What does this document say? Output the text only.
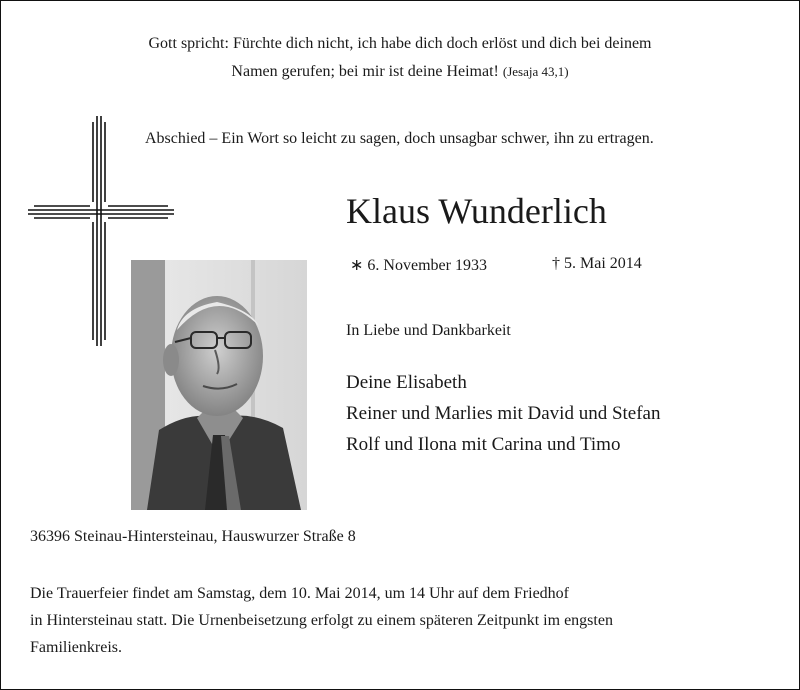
Gott spricht: Fürchte dich nicht, ich habe dich doch erlöst und dich bei deinem
Namen gerufen; bei mir ist deine Heimat! (Jesaja 43,1)
Abschied – Ein Wort so leicht zu sagen, doch unsagbar schwer, ihn zu ertragen.
Klaus Wunderlich
∗ 6. November 1933	† 5. Mai 2014
In Liebe und Dankbarkeit
Deine Elisabeth
Reiner und Marlies mit David und Stefan
Rolf und Ilona mit Carina und Timo
36396 Steinau-Hintersteinau, Hauswurzer Straße 8

Die Trauerfeier findet am Samstag, dem 10. Mai 2014, um 14 Uhr auf dem Friedhof
in Hintersteinau statt. Die Urnenbeisetzung erfolgt zu einem späteren Zeitpunkt im engsten
Familienkreis.
